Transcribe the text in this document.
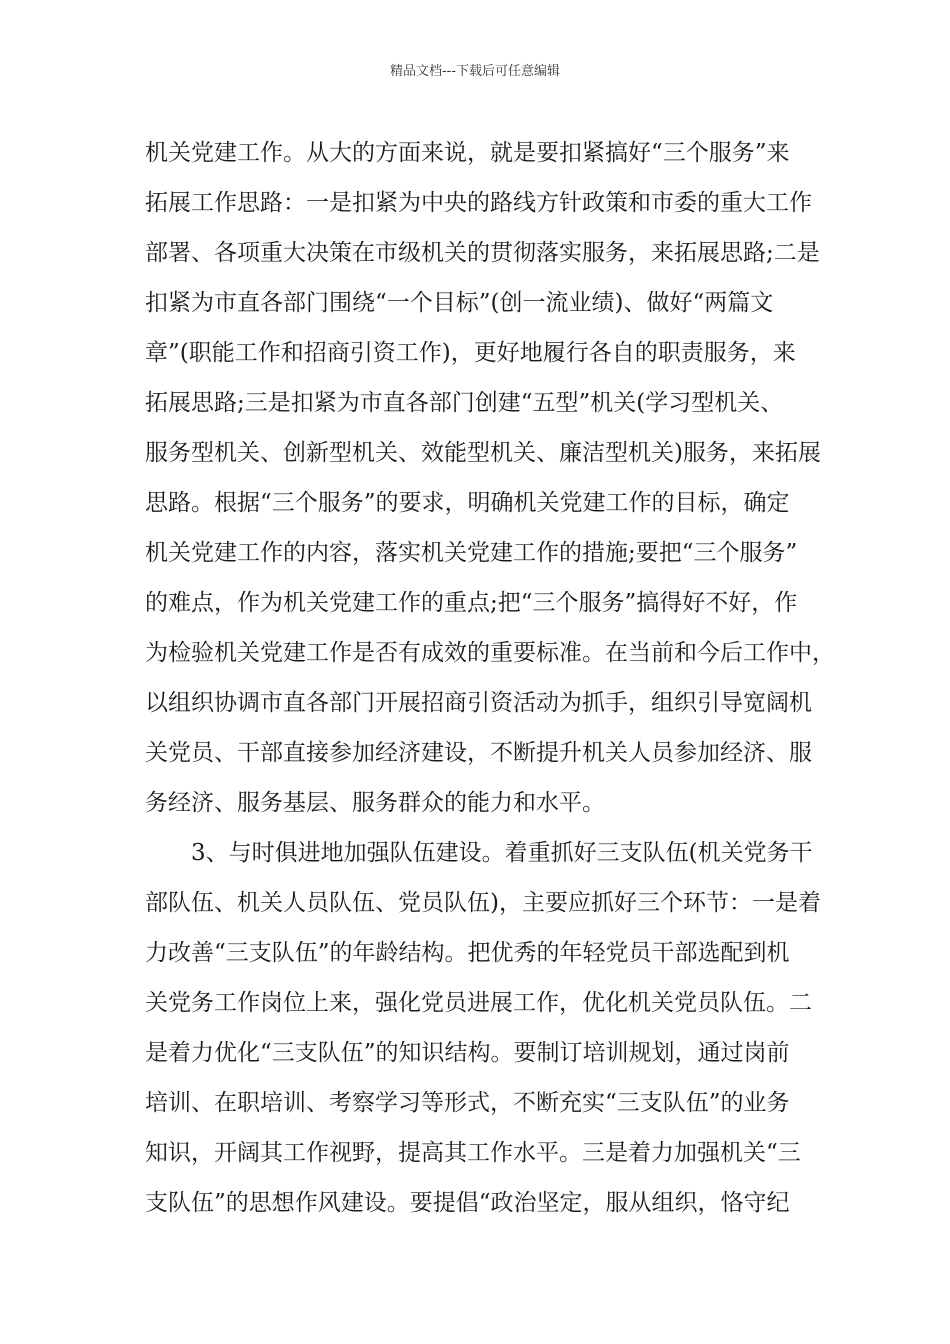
精品文档---下载后可任意编辑
机关党建工作。从大的方面来说，就是要扣紧搞好“三个服务”来
拓展工作思路：一是扣紧为中央的路线方针政策和市委的重大工作
部署、各项重大决策在市级机关的贯彻落实服务，来拓展思路;二是
扣紧为市直各部门围绕“一个目标”(创一流业绩)、做好“两篇文
章”(职能工作和招商引资工作)，更好地履行各自的职责服务，来
拓展思路;三是扣紧为市直各部门创建“五型”机关(学习型机关、
服务型机关、创新型机关、效能型机关、廉洁型机关)服务，来拓展
思路。根据“三个服务”的要求，明确机关党建工作的目标，确定
机关党建工作的内容，落实机关党建工作的措施;要把“三个服务”
的难点，作为机关党建工作的重点;把“三个服务”搞得好不好，作
为检验机关党建工作是否有成效的重要标准。在当前和今后工作中，
以组织协调市直各部门开展招商引资活动为抓手，组织引导宽阔机
关党员、干部直接参加经济建设，不断提升机关人员参加经济、服
务经济、服务基层、服务群众的能力和水平。
3、与时俱进地加强队伍建设。着重抓好三支队伍(机关党务干
部队伍、机关人员队伍、党员队伍)，主要应抓好三个环节：一是着
力改善“三支队伍”的年龄结构。把优秀的年轻党员干部选配到机
关党务工作岗位上来，强化党员进展工作，优化机关党员队伍。二
是着力优化“三支队伍”的知识结构。要制订培训规划，通过岗前
培训、在职培训、考察学习等形式，不断充实“三支队伍”的业务
知识，开阔其工作视野，提高其工作水平。三是着力加强机关“三
支队伍”的思想作风建设。要提倡“政治坚定，服从组织，恪守纪
